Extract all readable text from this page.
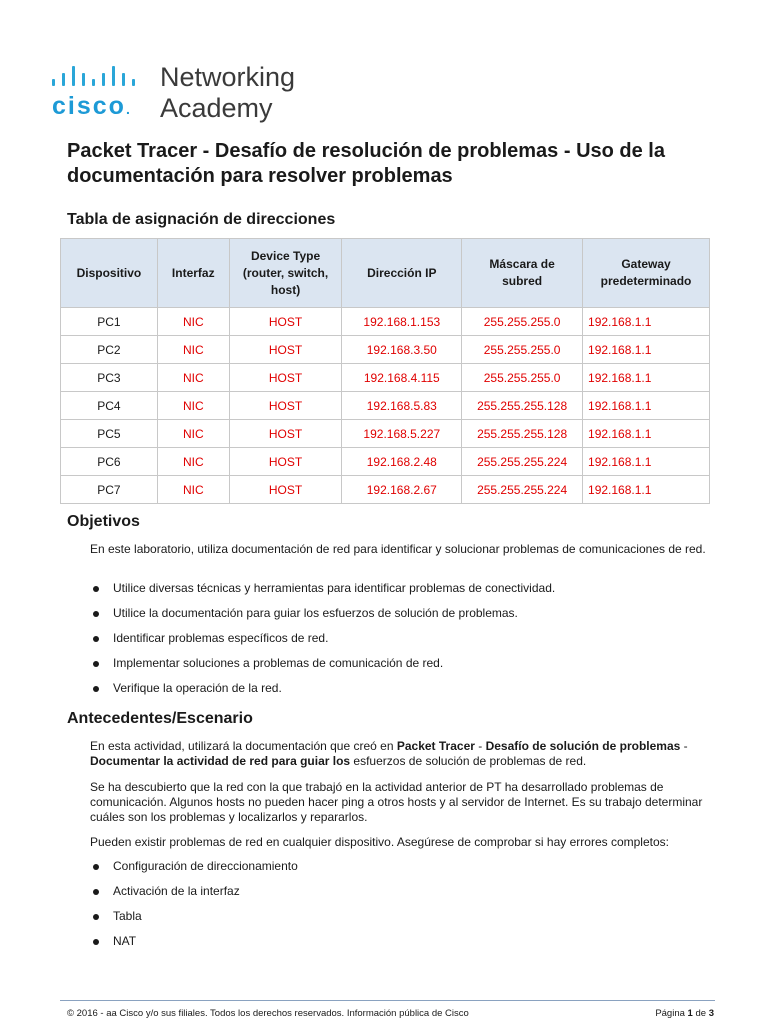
cisco.
Networking
Academy
Packet Tracer - Desafío de resolución de problemas - Uso de la documentación para resolver problemas
Tabla de asignación de direcciones
Dispositivo	Interfaz	Device Type (router, switch, host)	Dirección IP	Máscara de subred	Gateway predeterminado
PC1	NIC	HOST	192.168.1.153	255.255.255.0	192.168.1.1
PC2	NIC	HOST	192.168.3.50	255.255.255.0	192.168.1.1
PC3	NIC	HOST	192.168.4.115	255.255.255.0	192.168.1.1
PC4	NIC	HOST	192.168.5.83	255.255.255.128	192.168.1.1
PC5	NIC	HOST	192.168.5.227	255.255.255.128	192.168.1.1
PC6	NIC	HOST	192.168.2.48	255.255.255.224	192.168.1.1
PC7	NIC	HOST	192.168.2.67	255.255.255.224	192.168.1.1
Objetivos

En este laboratorio, utiliza documentación de red para identificar y solucionar problemas de comunicaciones de red.

Utilice diversas técnicas y herramientas para identificar problemas de conectividad.
Utilice la documentación para guiar los esfuerzos de solución de problemas.
Identificar problemas específicos de red.
Implementar soluciones a problemas de comunicación de red.
Verifique la operación de la red.
Antecedentes/Escenario

En esta actividad, utilizará la documentación que creó en Packet Tracer - Desafío de solución de problemas - Documentar la actividad de red para guiar los esfuerzos de solución de problemas de red.

Se ha descubierto que la red con la que trabajó en la actividad anterior de PT ha desarrollado problemas de comunicación. Algunos hosts no pueden hacer ping a otros hosts y al servidor de Internet. Es su trabajo determinar cuáles son los problemas y localizarlos y repararlos.

Pueden existir problemas de red en cualquier dispositivo. Asegúrese de comprobar si hay errores completos:

Configuración de direccionamiento
Activación de la interfaz
Tabla
NAT
© 2016 - aa Cisco y/o sus filiales. Todos los derechos reservados. Información pública de Cisco	Página 1 de 3
